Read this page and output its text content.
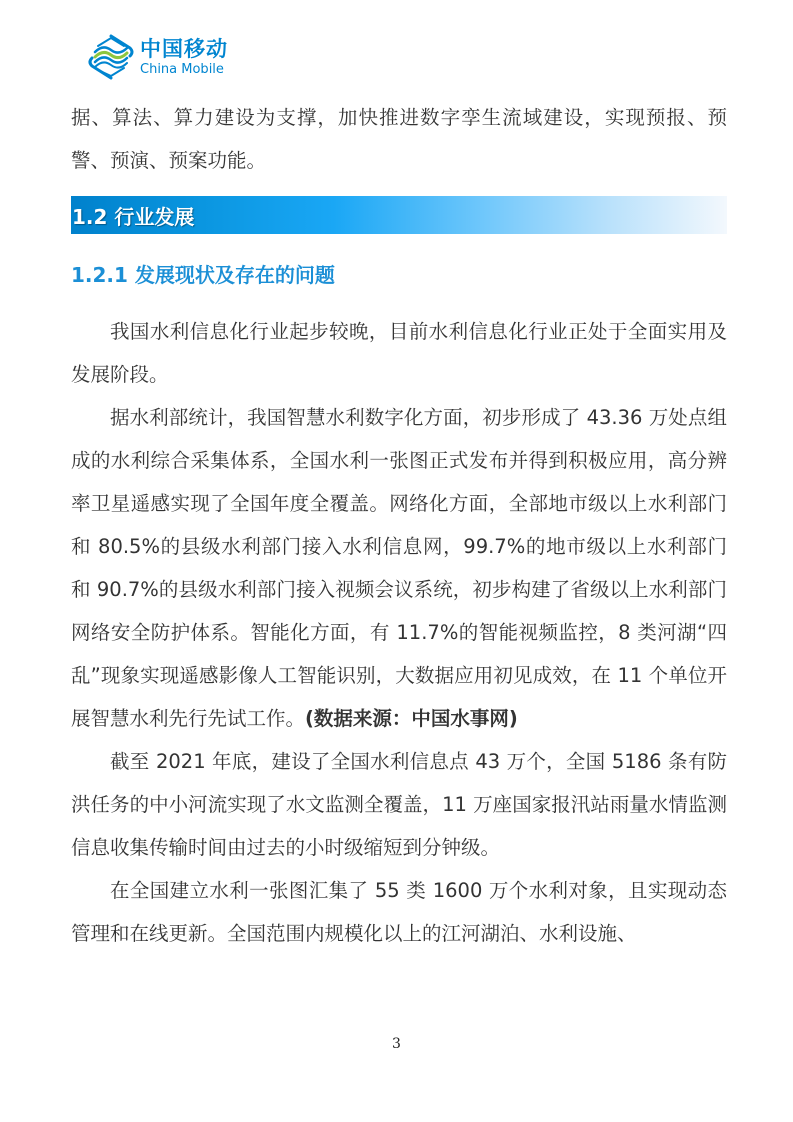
中国移动
China Mobile

据、算法、算力建设为支撑，加快推进数字孪生流域建设，实现预报、预警、预演、预案功能。

1.2 行业发展
1.2.1 发展现状及存在的问题

我国水利信息化行业起步较晚，目前水利信息化行业正处于全面实用及发展阶段。

据水利部统计，我国智慧水利数字化方面，初步形成了 43.36 万处点组成的水利综合采集体系，全国水利一张图正式发布并得到积极应用，高分辨率卫星遥感实现了全国年度全覆盖。网络化方面，全部地市级以上水利部门和 80.5%的县级水利部门接入水利信息网，99.7%的地市级以上水利部门和 90.7%的县级水利部门接入视频会议系统，初步构建了省级以上水利部门网络安全防护体系。智能化方面，有 11.7%的智能视频监控，8 类河湖“四乱”现象实现遥感影像人工智能识别，大数据应用初见成效，在 11 个单位开展智慧水利先行先试工作。(数据来源：中国水事网)

截至 2021 年底，建设了全国水利信息点 43 万个，全国 5186 条有防洪任务的中小河流实现了水文监测全覆盖，11 万座国家报汛站雨量水情监测信息收集传输时间由过去的小时级缩短到分钟级。

在全国建立水利一张图汇集了 55 类 1600 万个水利对象，且实现动态管理和在线更新。全国范围内规模化以上的江河湖泊、水利设施、

3
